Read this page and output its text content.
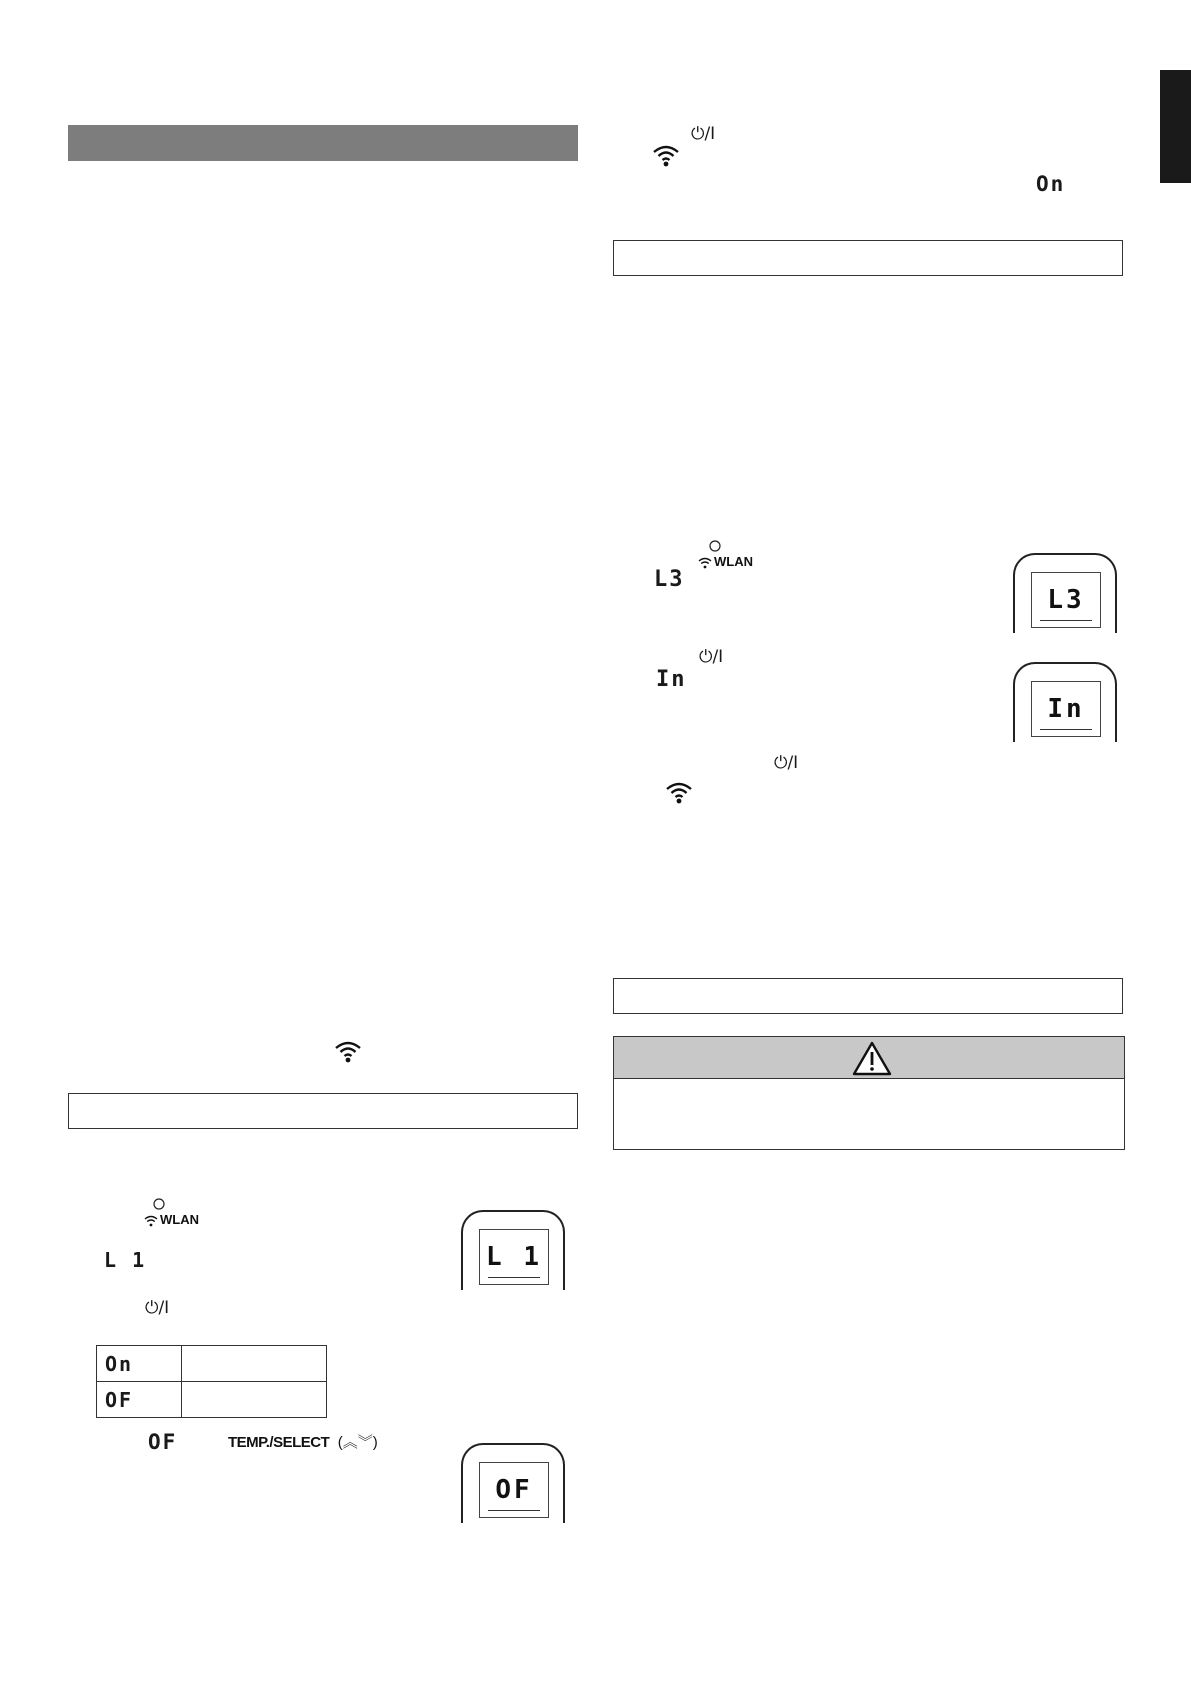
WLAN
L 1	L 1
⏻/I
On	
OF	
OF	TEMP./SELECT (︽︾)
OF
⏻/I
On
WLAN
L3
L3
⏻/I
In
In
⏻/I
